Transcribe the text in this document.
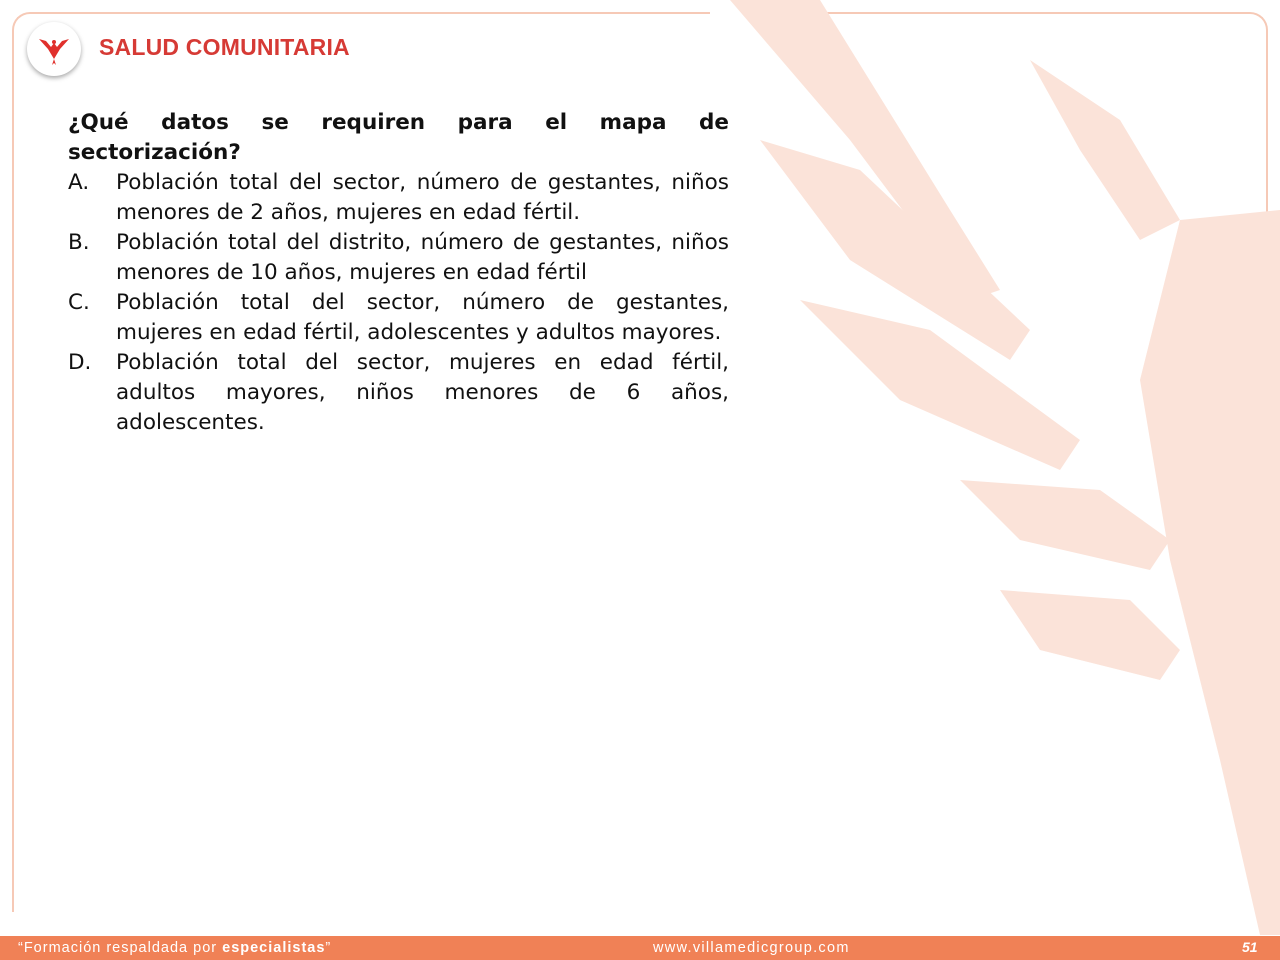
SALUD COMUNITARIA

¿Qué datos se requiren para el mapa de

sectorización?

A.	Población total del sector, número de gestantes, niños menores de 2 años, mujeres en edad fértil.
B.	Población total del distrito, número de gestantes, niños menores de 10 años, mujeres en edad fértil
C.	Población total del sector, número de gestantes, mujeres en edad fértil, adolescentes y adultos mayores.
D.	Población total del sector, mujeres en edad fértil, adultos mayores, niños menores de 6 años, adolescentes.
“Formación respaldada por especialistas”	www.villamedicgroup.com	51
